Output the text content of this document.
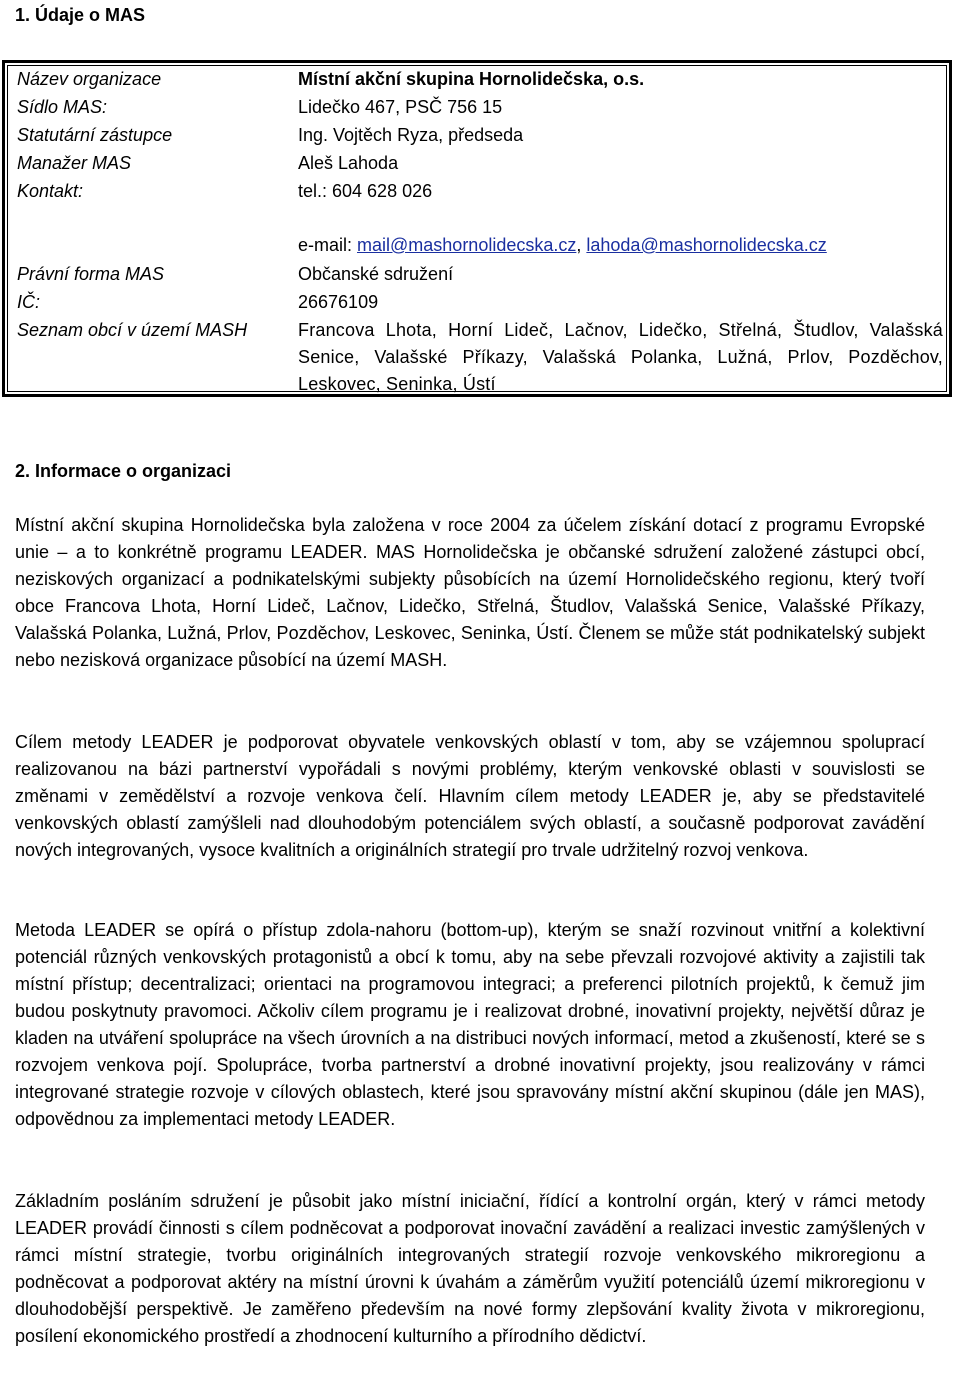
1. Údaje o MAS
Název organizace	Místní akční skupina Hornolidečska, o.s.
Sídlo MAS:	Lidečko 467, PSČ 756 15
Statutární zástupce	Ing. Vojtěch Ryza, předseda
Manažer MAS	Aleš Lahoda
Kontakt:	tel.: 604 628 026
e-mail: mail@mashornolidecska.cz, lahoda@mashornolidecska.cz
Právní forma MAS	Občanské sdružení
IČ:	26676109
Seznam obcí v území MASH	Francova Lhota, Horní Lideč, Lačnov, Lidečko, Střelná, Študlov, Valašská Senice, Valašské Příkazy, Valašská Polanka, Lužná, Prlov, Pozděchov, Leskovec, Seninka, Ústí
2. Informace o organizaci

Místní akční skupina Hornolidečska byla založena v roce 2004 za účelem získání dotací z programu Evropské unie – a to konkrétně programu LEADER. MAS Hornolidečska je občanské sdružení založené zástupci obcí, neziskových organizací a podnikatelskými subjekty působících na území Hornolidečského regionu, který tvoří obce Francova Lhota, Horní Lideč, Lačnov, Lidečko, Střelná, Študlov, Valašská Senice, Valašské Příkazy, Valašská Polanka, Lužná, Prlov, Pozděchov, Leskovec, Seninka, Ústí. Členem se může stát podnikatelský subjekt nebo nezisková organizace působící na území MASH.

Cílem metody LEADER je podporovat obyvatele venkovských oblastí v tom, aby se vzájemnou spoluprací realizovanou na bázi partnerství vypořádali s novými problémy, kterým venkovské oblasti v souvislosti se změnami v zemědělství a rozvoje venkova čelí. Hlavním cílem metody LEADER je, aby se představitelé venkovských oblastí zamýšleli nad dlouhodobým potenciálem svých oblastí, a současně podporovat zavádění nových integrovaných, vysoce kvalitních a originálních strategií pro trvale udržitelný rozvoj venkova.

Metoda LEADER se opírá o přístup zdola-nahoru (bottom-up), kterým se snaží rozvinout vnitřní a kolektivní potenciál různých venkovských protagonistů a obcí k tomu, aby na sebe převzali rozvojové aktivity a zajistili tak místní přístup; decentralizaci; orientaci na programovou integraci; a preferenci pilotních projektů, k čemuž jim budou poskytnuty pravomoci. Ačkoliv cílem programu je i realizovat drobné, inovativní projekty, největší důraz je kladen na utváření spolupráce na všech úrovních a na distribuci nových informací, metod a zkušeností, které se s rozvojem venkova pojí. Spolupráce, tvorba partnerství a drobné inovativní projekty, jsou realizovány v rámci integrované strategie rozvoje v cílových oblastech, které jsou spravovány místní akční skupinou (dále jen MAS), odpovědnou za implementaci metody LEADER.

Základním posláním sdružení je působit jako místní iniciační, řídící a kontrolní orgán, který v rámci metody LEADER provádí činnosti s cílem podněcovat a podporovat inovační zavádění a realizaci investic zamýšlených v rámci místní strategie, tvorbu originálních integrovaných strategií rozvoje venkovského mikroregionu a podněcovat a podporovat aktéry na místní úrovni k úvahám a záměrům využití potenciálů území mikroregionu v dlouhodobější perspektivě. Je zaměřeno především na nové formy zlepšování kvality života v mikroregionu, posílení ekonomického prostředí a zhodnocení kulturního a přírodního dědictví.
